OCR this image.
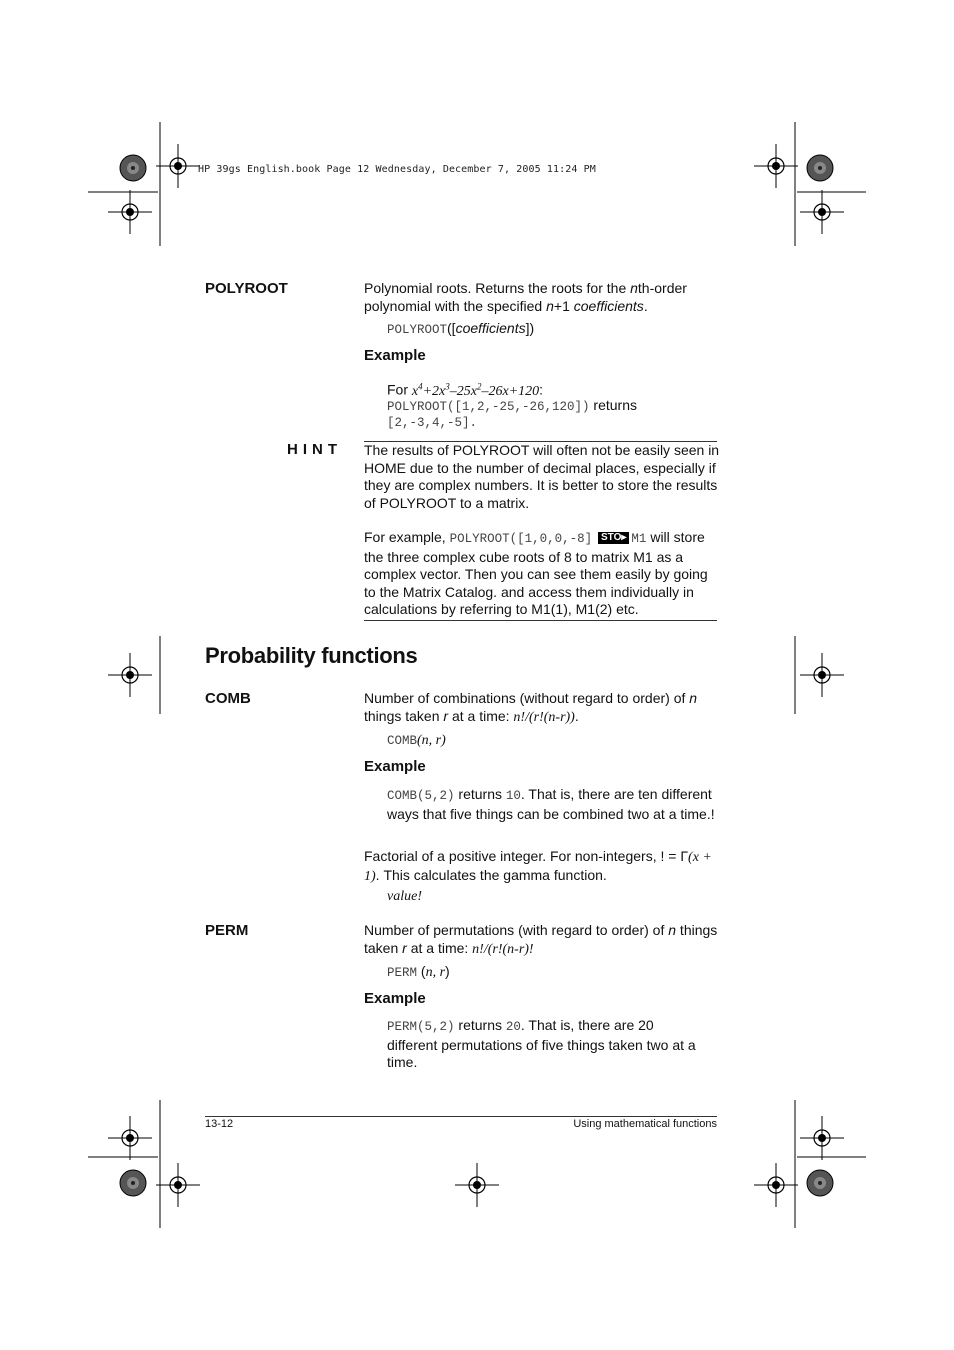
HP 39gs English.book Page 12 Wednesday, December 7, 2005 11:24 PM
POLYROOT	Polynomial roots. Returns the roots for the nth-order polynomial with the specified n+1 coefficients.
POLYROOT([coefficients])
Example
For $x^4+2x^3-25x^2-26x+120$:
POLYROOT([1,2,-25,-26,120]) returns
[2,-3,4,-5].
HINT The results of POLYROOT will often not be easily seen in HOME due to the number of decimal places, especially if they are complex numbers. It is better to store the results of POLYROOT to a matrix.
For example, POLYROOT([1,0,0,-8] STO▸ M1 will store the three complex cube roots of 8 to matrix M1 as a complex vector. Then you can see them easily by going to the Matrix Catalog. and access them individually in calculations by referring to M1(1), M1(2) etc.
Probability functions
COMB	Number of combinations (without regard to order) of n things taken r at a time: n!/(r!(n-r)).
COMB(n, r)
Example
COMB(5,2) returns 10. That is, there are ten different ways that five things can be combined two at a time.!
Factorial of a positive integer. For non-integers, ! = Γ(x + 1). This calculates the gamma function.
value!
PERM	Number of permutations (with regard to order) of n things taken r at a time: n!/(r!(n-r)!
PERM (n, r)
Example
PERM(5,2) returns 20. That is, there are 20 different permutations of five things taken two at a time.
13-12	Using mathematical functions
